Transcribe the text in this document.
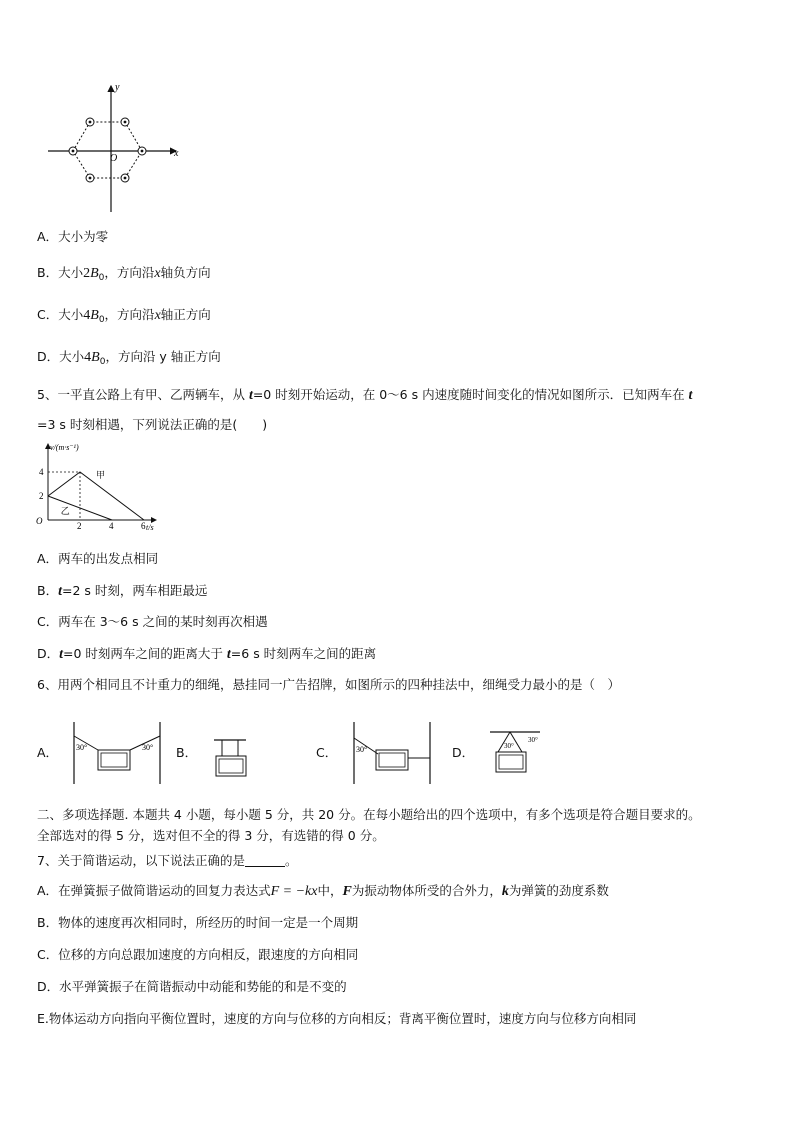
y
x
O
A．大小为零
B．大小$2B_0$，方向沿x轴负方向
C．大小$4B_0$，方向沿x轴正方向
D．大小$4B_0$，方向沿 y 轴正方向
5、一平直公路上有甲、乙两辆车，从 t=0 时刻开始运动，在 0～6 s 内速度随时间变化的情况如图所示．已知两车在 t
=3 s 时刻相遇，下列说法正确的是(　　)
v/(m·s⁻¹)
t/s
O
2
4
2	4	6
甲
乙
A．两车的出发点相同
B．t=2 s 时刻，两车相距最远
C．两车在 3～6 s 之间的某时刻再次相遇
D．t=0 时刻两车之间的距离大于 t=6 s 时刻两车之间的距离
6、用两个相同且不计重力的细绳，悬挂同一广告招牌，如图所示的四种挂法中，细绳受力最小的是（　）
A． 30°	30° B．	C． 30°	D．	30°
30°
二、多项选择题. 本题共 4 小题，每小题 5 分，共 20 分。在每小题给出的四个选项中，有多个选项是符合题目要求的。
全部选对的得 5 分，选对但不全的得 3 分，有选错的得 0 分。
7、关于简谐运动，以下说法正确的是	。
A．在弹簧振子做简谐运动的回复力表达式F = −kx中，F为振动物体所受的合外力，k为弹簧的劲度系数
B．物体的速度再次相同时，所经历的时间一定是一个周期
C．位移的方向总跟加速度的方向相反，跟速度的方向相同
D．水平弹簧振子在简谐振动中动能和势能的和是不变的
E.物体运动方向指向平衡位置时，速度的方向与位移的方向相反；背离平衡位置时，速度方向与位移方向相同
